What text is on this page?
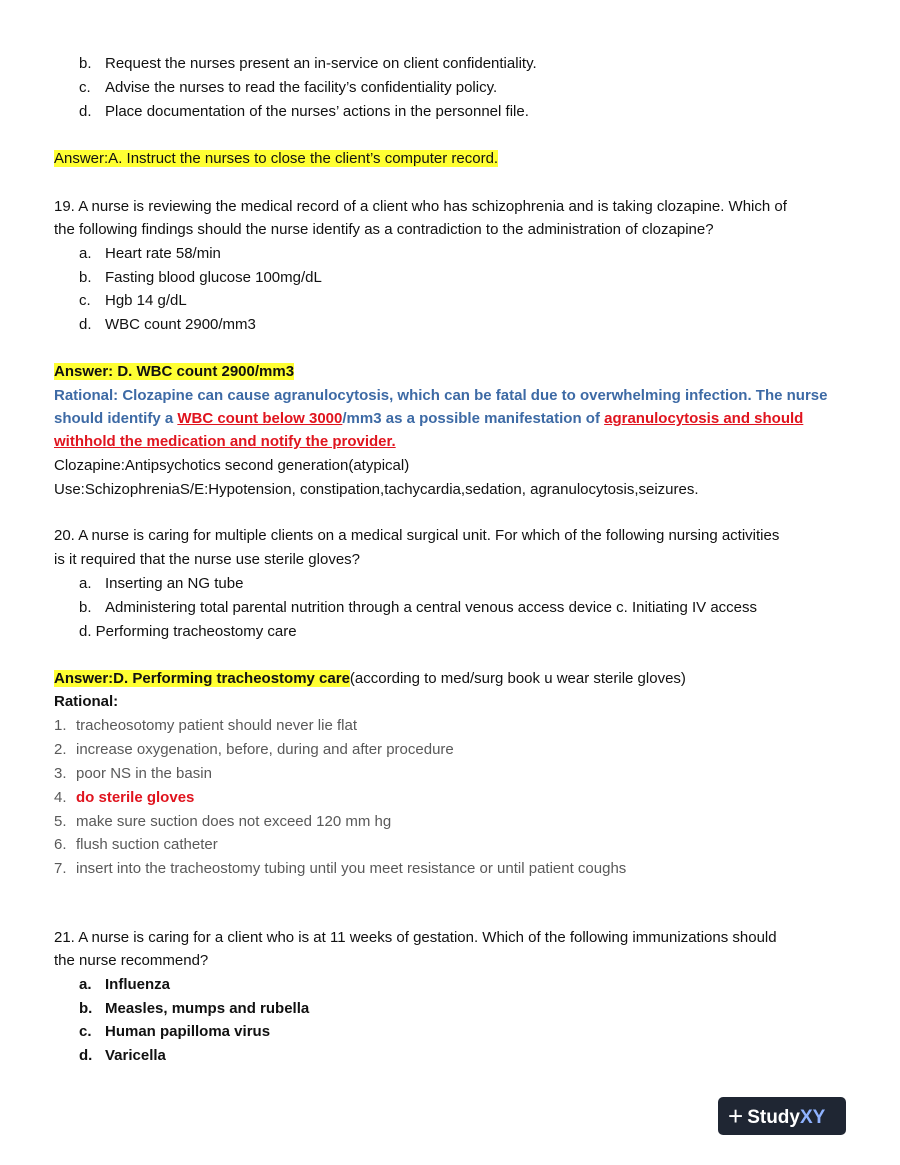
b. Request the nurses present an in-service on client confidentiality.
c. Advise the nurses to read the facility’s confidentiality policy.
d. Place documentation of the nurses’ actions in the personnel file.
Answer:A. Instruct the nurses to close the client’s computer record.
19. A nurse is reviewing the medical record of a client who has schizophrenia and is taking clozapine. Which of
the following findings should the nurse identify as a contradiction to the administration of clozapine?
a. Heart rate 58/min
b. Fasting blood glucose 100mg/dL
c. Hgb 14 g/dL
d. WBC count 2900/mm3
Answer: D. WBC count 2900/mm3
Rational: Clozapine can cause agranulocytosis, which can be fatal due to overwhelming infection. The nurse
should identify a WBC count below 3000/mm3 as a possible manifestation of agranulocytosis and should
withhold the medication and notify the provider.
Clozapine:Antipsychotics second generation(atypical)
Use:SchizophreniaS/E:Hypotension, constipation,tachycardia,sedation, agranulocytosis,seizures.
20. A nurse is caring for multiple clients on a medical surgical unit. For which of the following nursing activities
is it required that the nurse use sterile gloves?
a. Inserting an NG tube
b. Administering total parental nutrition through a central venous access device c. Initiating IV access
d. Performing tracheostomy care
Answer:D. Performing tracheostomy care(according to med/surg book u wear sterile gloves)
Rational:
1. tracheosotomy patient should never lie flat
2. increase oxygenation, before, during and after procedure
3. poor NS in the basin
4. do sterile gloves
5. make sure suction does not exceed 120 mm hg
6. flush suction catheter
7. insert into the tracheostomy tubing until you meet resistance or until patient coughs
21. A nurse is caring for a client who is at 11 weeks of gestation. Which of the following immunizations should
the nurse recommend?
a. Influenza
b. Measles, mumps and rubella
c. Human papilloma virus
d. Varicella
+ StudyXY
